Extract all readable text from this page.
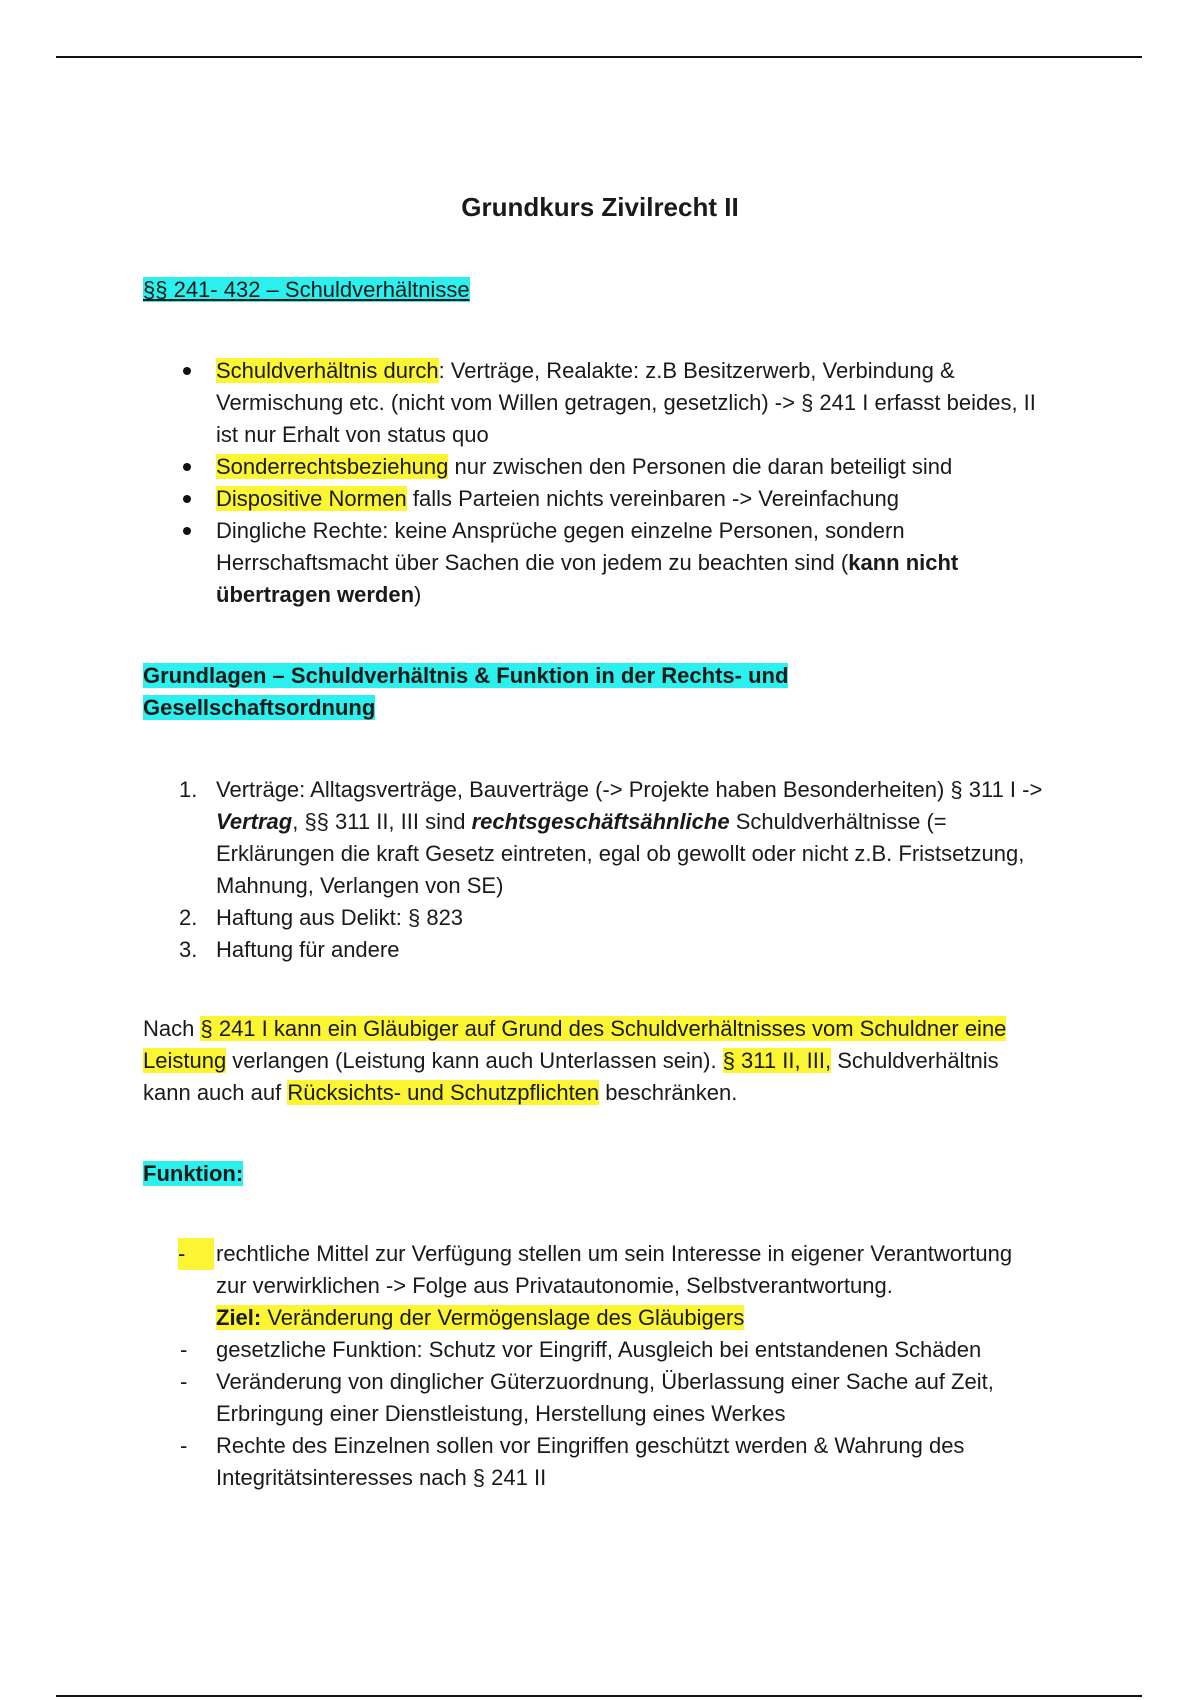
Grundkurs Zivilrecht II

§§ 241- 432 – Schuldverhältnisse

Schuldverhältnis durch: Verträge, Realakte: z.B Besitzerwerb, Verbindung & Vermischung etc. (nicht vom Willen getragen, gesetzlich) -> § 241 I erfasst beides, II ist nur Erhalt von status quo
Sonderrechtsbeziehung nur zwischen den Personen die daran beteiligt sind
Dispositive Normen falls Parteien nichts vereinbaren -> Vereinfachung
Dingliche Rechte: keine Ansprüche gegen einzelne Personen, sondern Herrschaftsmacht über Sachen die von jedem zu beachten sind (kann nicht übertragen werden)

Grundlagen – Schuldverhältnis & Funktion in der Rechts- und
Gesellschaftsordnung

1. Verträge: Alltagsverträge, Bauverträge (-> Projekte haben Besonderheiten) § 311 I -> Vertrag, §§ 311 II, III sind rechtsgeschäftsähnliche Schuldverhältnisse (= Erklärungen die kraft Gesetz eintreten, egal ob gewollt oder nicht z.B. Fristsetzung, Mahnung, Verlangen von SE)
2. Haftung aus Delikt: § 823
3. Haftung für andere

Nach § 241 I kann ein Gläubiger auf Grund des Schuldverhältnisses vom Schuldner eine Leistung verlangen (Leistung kann auch Unterlassen sein). § 311 II, III, Schuldverhältnis kann auch auf Rücksichts- und Schutzpflichten beschränken.

Funktion:

-	rechtliche Mittel zur Verfügung stellen um sein Interesse in eigener Verantwortung zur verwirklichen -> Folge aus Privatautonomie, Selbstverantwortung.
Ziel: Veränderung der Vermögenslage des Gläubigers
- gesetzliche Funktion: Schutz vor Eingriff, Ausgleich bei entstandenen Schäden
- Veränderung von dinglicher Güterzuordnung, Überlassung einer Sache auf Zeit, Erbringung einer Dienstleistung, Herstellung eines Werkes
- Rechte des Einzelnen sollen vor Eingriffen geschützt werden & Wahrung des Integritätsinteresses nach § 241 II
